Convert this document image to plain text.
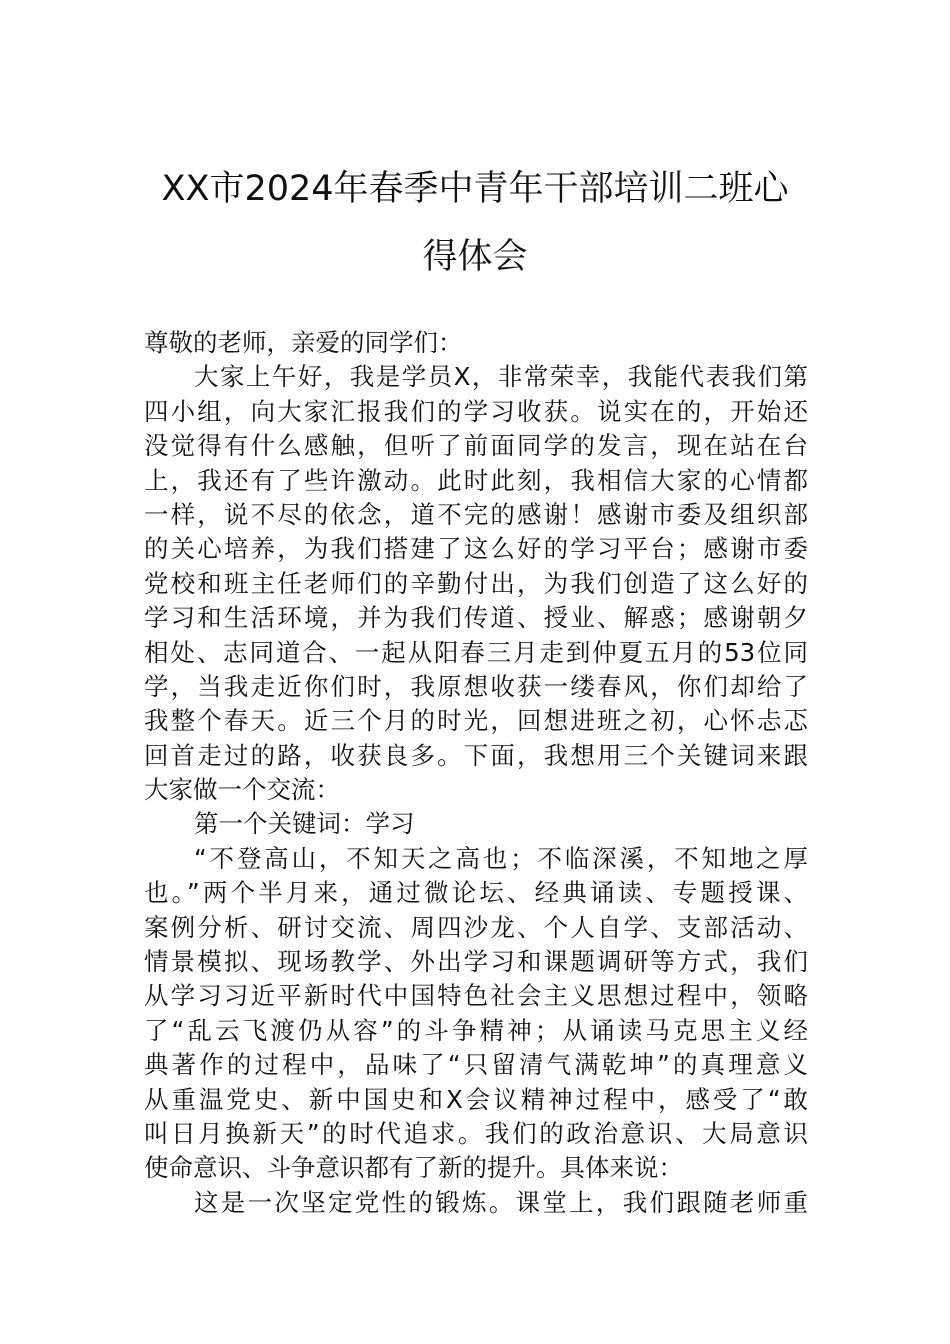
XX市2024年春季中青年干部培训二班心
得体会
尊敬的老师，亲爱的同学们：
大家上午好，我是学员X，非常荣幸，我能代表我们第
四小组，向大家汇报我们的学习收获。说实在的，开始还
没觉得有什么感触，但听了前面同学的发言，现在站在台
上，我还有了些许激动。此时此刻，我相信大家的心情都
一样，说不尽的依念，道不完的感谢！感谢市委及组织部
的关心培养，为我们搭建了这么好的学习平台；感谢市委
党校和班主任老师们的辛勤付出，为我们创造了这么好的
学习和生活环境，并为我们传道、授业、解惑；感谢朝夕
相处、志同道合、一起从阳春三月走到仲夏五月的53位同
学，当我走近你们时，我原想收获一缕春风，你们却给了
我整个春天。近三个月的时光，回想进班之初，心怀忐忑
回首走过的路，收获良多。下面，我想用三个关键词来跟
大家做一个交流：
第一个关键词：学习
“不登高山，不知天之高也；不临深溪，不知地之厚
也。”两个半月来，通过微论坛、经典诵读、专题授课、
案例分析、研讨交流、周四沙龙、个人自学、支部活动、
情景模拟、现场教学、外出学习和课题调研等方式，我们
从学习习近平新时代中国特色社会主义思想过程中，领略
了“乱云飞渡仍从容”的斗争精神；从诵读马克思主义经
典著作的过程中，品味了“只留清气满乾坤”的真理意义
从重温党史、新中国史和X会议精神过程中，感受了“敢
叫日月换新天”的时代追求。我们的政治意识、大局意识
使命意识、斗争意识都有了新的提升。具体来说：
这是一次坚定党性的锻炼。课堂上，我们跟随老师重
